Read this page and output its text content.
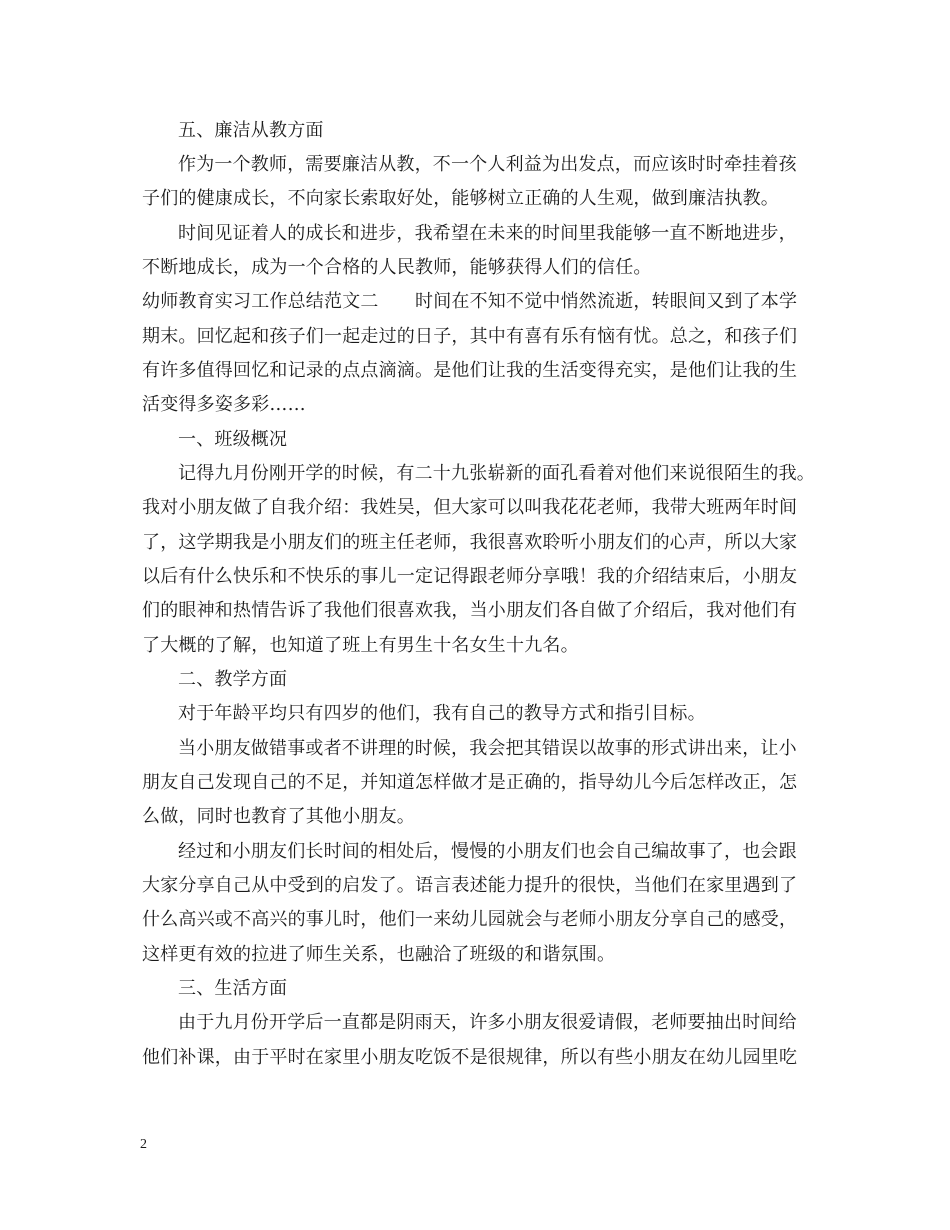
五、廉洁从教方面
作为一个教师，需要廉洁从教，不一个人利益为出发点，而应该时时牵挂着孩
子们的健康成长，不向家长索取好处，能够树立正确的人生观，做到廉洁执教。
时间见证着人的成长和进步，我希望在未来的时间里我能够一直不断地进步，
不断地成长，成为一个合格的人民教师，能够获得人们的信任。
幼师教育实习工作总结范文二　　时间在不知不觉中悄然流逝，转眼间又到了本学
期末。回忆起和孩子们一起走过的日子，其中有喜有乐有恼有忧。总之，和孩子们
有许多值得回忆和记录的点点滴滴。是他们让我的生活变得充实，是他们让我的生
活变得多姿多彩……
一、班级概况
记得九月份刚开学的时候，有二十九张崭新的面孔看着对他们来说很陌生的我。
我对小朋友做了自我介绍：我姓吴，但大家可以叫我花花老师，我带大班两年时间
了，这学期我是小朋友们的班主任老师，我很喜欢聆听小朋友们的心声，所以大家
以后有什么快乐和不快乐的事儿一定记得跟老师分享哦！我的介绍结束后，小朋友
们的眼神和热情告诉了我他们很喜欢我，当小朋友们各自做了介绍后，我对他们有
了大概的了解，也知道了班上有男生十名女生十九名。
二、教学方面
对于年龄平均只有四岁的他们，我有自己的教导方式和指引目标。
当小朋友做错事或者不讲理的时候，我会把其错误以故事的形式讲出来，让小
朋友自己发现自己的不足，并知道怎样做才是正确的，指导幼儿今后怎样改正，怎
么做，同时也教育了其他小朋友。
经过和小朋友们长时间的相处后，慢慢的小朋友们也会自己编故事了，也会跟
大家分享自己从中受到的启发了。语言表述能力提升的很快，当他们在家里遇到了
什么高兴或不高兴的事儿时，他们一来幼儿园就会与老师小朋友分享自己的感受，
这样更有效的拉进了师生关系，也融洽了班级的和谐氛围。
三、生活方面
由于九月份开学后一直都是阴雨天，许多小朋友很爱请假，老师要抽出时间给
他们补课，由于平时在家里小朋友吃饭不是很规律，所以有些小朋友在幼儿园里吃
2
